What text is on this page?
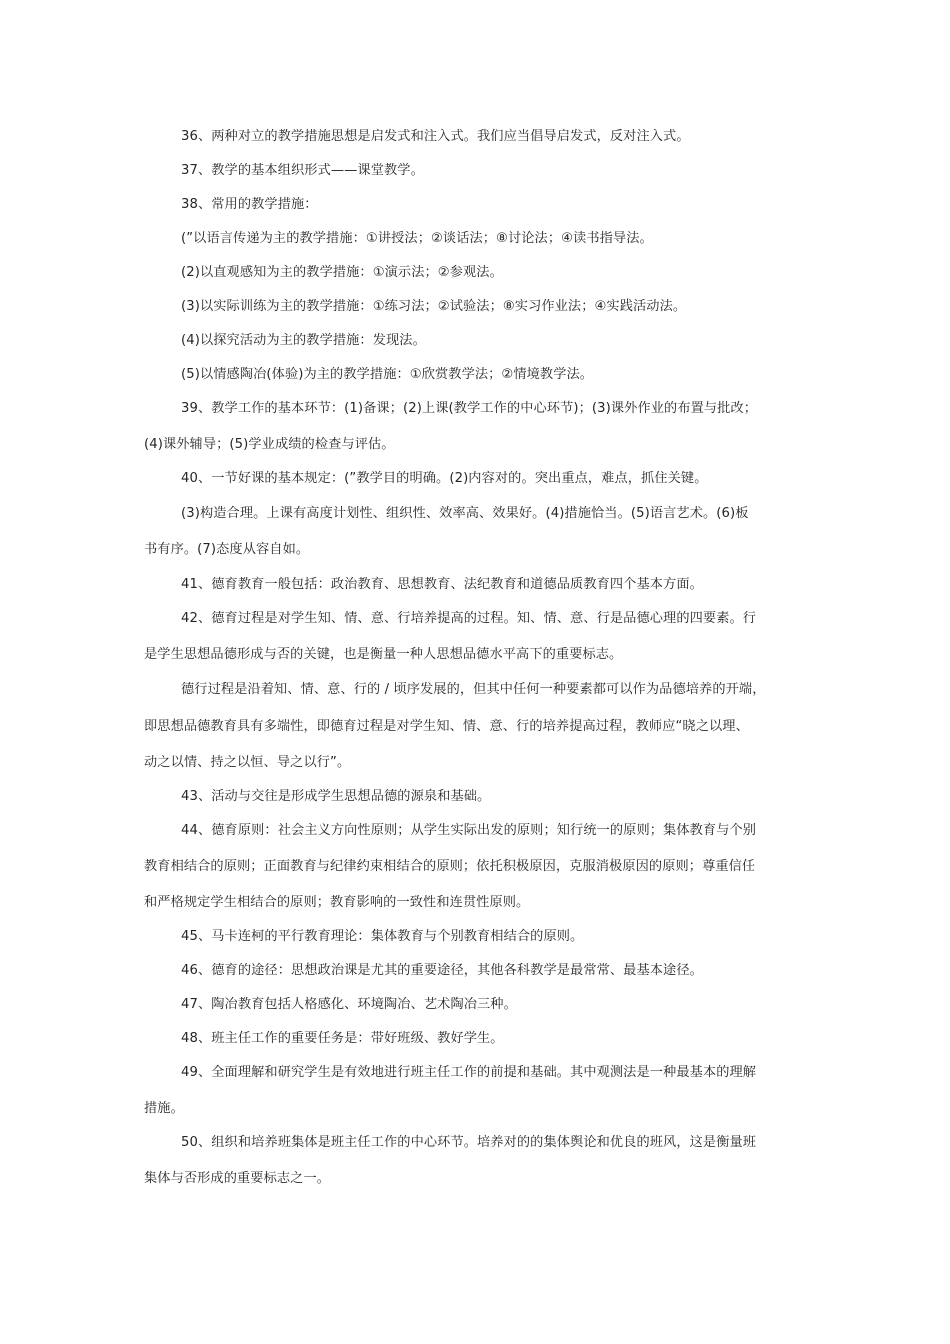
36、两种对立的教学措施思想是启发式和注入式。我们应当倡导启发式，反对注入式。
37、教学的基本组织形式——课堂教学。
38、常用的教学措施：
(”以语言传递为主的教学措施：①讲授法；②谈话法；⑧讨论法；④读书指导法。
(2)以直观感知为主的教学措施：①演示法；②参观法。
(3)以实际训练为主的教学措施：①练习法；②试验法；⑧实习作业法；④实践活动法。
(4)以探究活动为主的教学措施：发现法。
(5)以情感陶冶(体验)为主的教学措施：①欣赏教学法；②情境教学法。
39、教学工作的基本环节：(1)备课；(2)上课(教学工作的中心环节)；(3)课外作业的布置与批改；
(4)课外辅导；(5)学业成绩的检查与评估。
40、一节好课的基本规定：(”教学目的明确。(2)内容对的。突出重点，难点，抓住关键。
(3)构造合理。上课有高度计划性、组织性、效率高、效果好。(4)措施恰当。(5)语言艺术。(6)板
书有序。(7)态度从容自如。
41、德育教育一般包括：政治教育、思想教育、法纪教育和道德品质教育四个基本方面。
42、德育过程是对学生知、情、意、行培养提高的过程。知、情、意、行是品德心理的四要素。行
是学生思想品德形成与否的关键，也是衡量一种人思想品德水平高下的重要标志。
德行过程是沿着知、情、意、行的 / 顷序发展的，但其中任何一种要素都可以作为品德培养的开端，
即思想品德教育具有多端性，即德育过程是对学生知、情、意、行的培养提高过程，教师应“晓之以理、
动之以情、持之以恒、导之以行”。
43、活动与交往是形成学生思想品德的源泉和基础。
44、德育原则：社会主义方向性原则；从学生实际出发的原则；知行统一的原则；集体教育与个别
教育相结合的原则；正面教育与纪律约束相结合的原则；依托积极原因，克服消极原因的原则；尊重信任
和严格规定学生相结合的原则；教育影响的一致性和连贯性原则。
45、马卡连柯的平行教育理论：集体教育与个别教育相结合的原则。
46、德育的途径：思想政治课是尤其的重要途径，其他各科教学是最常常、最基本途径。
47、陶冶教育包括人格感化、环境陶冶、艺术陶冶三种。
48、班主任工作的重要任务是：带好班级、教好学生。
49、全面理解和研究学生是有效地进行班主任工作的前提和基础。其中观测法是一种最基本的理解
措施。
50、组织和培养班集体是班主任工作的中心环节。培养对的的集体舆论和优良的班风，这是衡量班
集体与否形成的重要标志之一。
